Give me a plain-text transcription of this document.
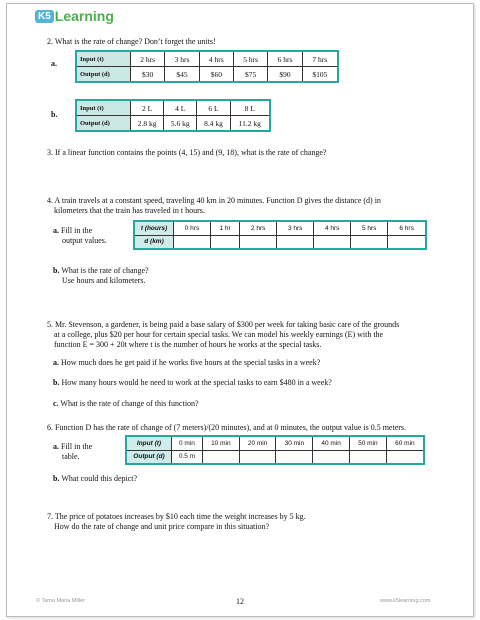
K5 Learning
2. What is the rate of change? Don’t forget the units!
a.	Input (t)	2 hrs	3 hrs	4 hrs	5 hrs	6 hrs	7 hrs
Output (d)	$30	$45	$60	$75	$90	$105
b.
Input (t)	2 L	4 L	6 L	8 L
Output (d)	2.8 kg	5.6 kg	8.4 kg	11.2 kg
3. If a linear function contains the points (4, 15) and (9, 18), what is the rate of change?
4. A train travels at a constant speed, traveling 40 km in 20 minutes. Function D gives the distance (d) in
kilometers that the train has traveled in t hours.
a. Fill in the
output values.
t (hours)	0 hrs	1 hr	2 hrs	3 hrs	4 hrs	5 hrs	6 hrs
d (km)							
b. What is the rate of change?
Use hours and kilometers.
5. Mr. Stevenson, a gardener, is being paid a base salary of $300 per week for taking basic care of the grounds
at a college, plus $20 per hour for certain special tasks. We can model his weekly earnings (E) with the
function E = 300 + 20t where t is the number of hours he works at the special tasks.
a. How much does he get paid if he works five hours at the special tasks in a week?
b. How many hours would he need to work at the special tasks to earn $480 in a week?
c. What is the rate of change of this function?
6. Function D has the rate of change of (7 meters)/(20 minutes), and at 0 minutes, the output value is 0.5 meters.
a. Fill in the
table.
Input (t)	0 min	10 min	20 min	30 min	40 min	50 min	60 min
Output (d)	0.5 m						
b. What could this depict?
7. The price of potatoes increases by $10 each time the weight increases by 5 kg.
How do the rate of change and unit price compare in this situation?
© Tama Maria Miller	12	www.k5learning.com
